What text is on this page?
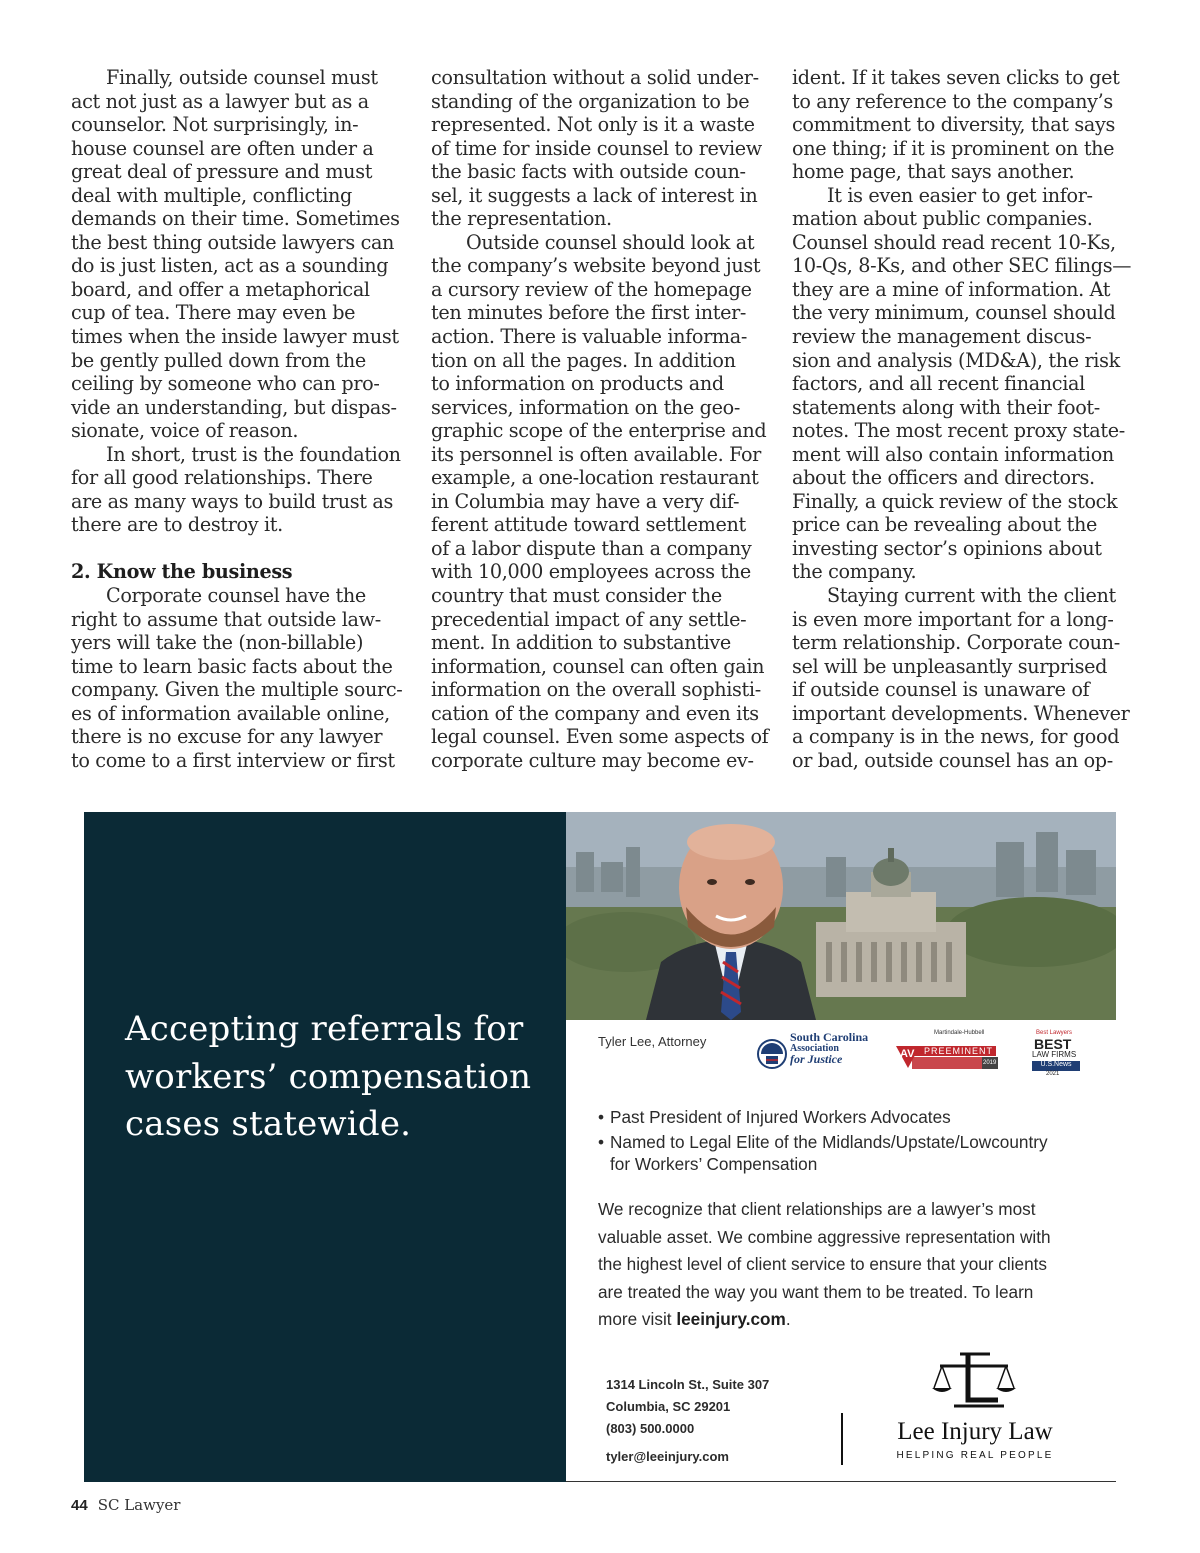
Finally, outside counsel must
act not just as a lawyer but as a
counselor. Not surprisingly, in-
house counsel are often under a
great deal of pressure and must
deal with multiple, conflicting
demands on their time. Sometimes
the best thing outside lawyers can
do is just listen, act as a sounding
board, and offer a metaphorical
cup of tea. There may even be
times when the inside lawyer must
be gently pulled down from the
ceiling by someone who can pro-
vide an understanding, but dispas-
sionate, voice of reason.
In short, trust is the foundation
for all good relationships. There
are as many ways to build trust as
there are to destroy it.
2. Know the business
Corporate counsel have the
right to assume that outside law-
yers will take the (non-billable)
time to learn basic facts about the
company. Given the multiple sourc-
es of information available online,
there is no excuse for any lawyer
to come to a first interview or first
consultation without a solid under-
standing of the organization to be
represented. Not only is it a waste
of time for inside counsel to review
the basic facts with outside coun-
sel, it suggests a lack of interest in
the representation.
Outside counsel should look at
the company’s website beyond just
a cursory review of the homepage
ten minutes before the first inter-
action. There is valuable informa-
tion on all the pages. In addition
to information on products and
services, information on the geo-
graphic scope of the enterprise and
its personnel is often available. For
example, a one-location restaurant
in Columbia may have a very dif-
ferent attitude toward settlement
of a labor dispute than a company
with 10,000 employees across the
country that must consider the
precedential impact of any settle-
ment. In addition to substantive
information, counsel can often gain
information on the overall sophisti-
cation of the company and even its
legal counsel. Even some aspects of
corporate culture may become ev-
ident. If it takes seven clicks to get
to any reference to the company’s
commitment to diversity, that says
one thing; if it is prominent on the
home page, that says another.
It is even easier to get infor-
mation about public companies.
Counsel should read recent 10-Ks,
10-Qs, 8-Ks, and other SEC filings—
they are a mine of information. At
the very minimum, counsel should
review the management discus-
sion and analysis (MD&A), the risk
factors, and all recent financial
statements along with their foot-
notes. The most recent proxy state-
ment will also contain information
about the officers and directors.
Finally, a quick review of the stock
price can be revealing about the
investing sector’s opinions about
the company.
Staying current with the client
is even more important for a long-
term relationship. Corporate coun-
sel will be unpleasantly surprised
if outside counsel is unaware of
important developments. Whenever
a company is in the news, for good
or bad, outside counsel has an op-
Accepting referrals for
workers’ compensation
cases statewide.
Tyler Lee, Attorney	South Carolina
Association
for Justice
Martindale-Hubbell
AV PREEMINENT
2019
Best Lawyers
BEST
LAW FIRMS
U.S.News
2021
• Past President of Injured Workers Advocates
• Named to Legal Elite of the Midlands/Upstate/Lowcountry
for Workers’ Compensation
We recognize that client relationships are a lawyer’s most
valuable asset. We combine aggressive representation with
the highest level of client service to ensure that your clients
are treated the way you want them to be treated. To learn
more visit leeinjury.com.
1314 Lincoln St., Suite 307
Columbia, SC 29201
(803) 500.0000
tyler@leeinjury.com
Lee Injury Law
HELPING REAL PEOPLE
44 SC Lawyer
